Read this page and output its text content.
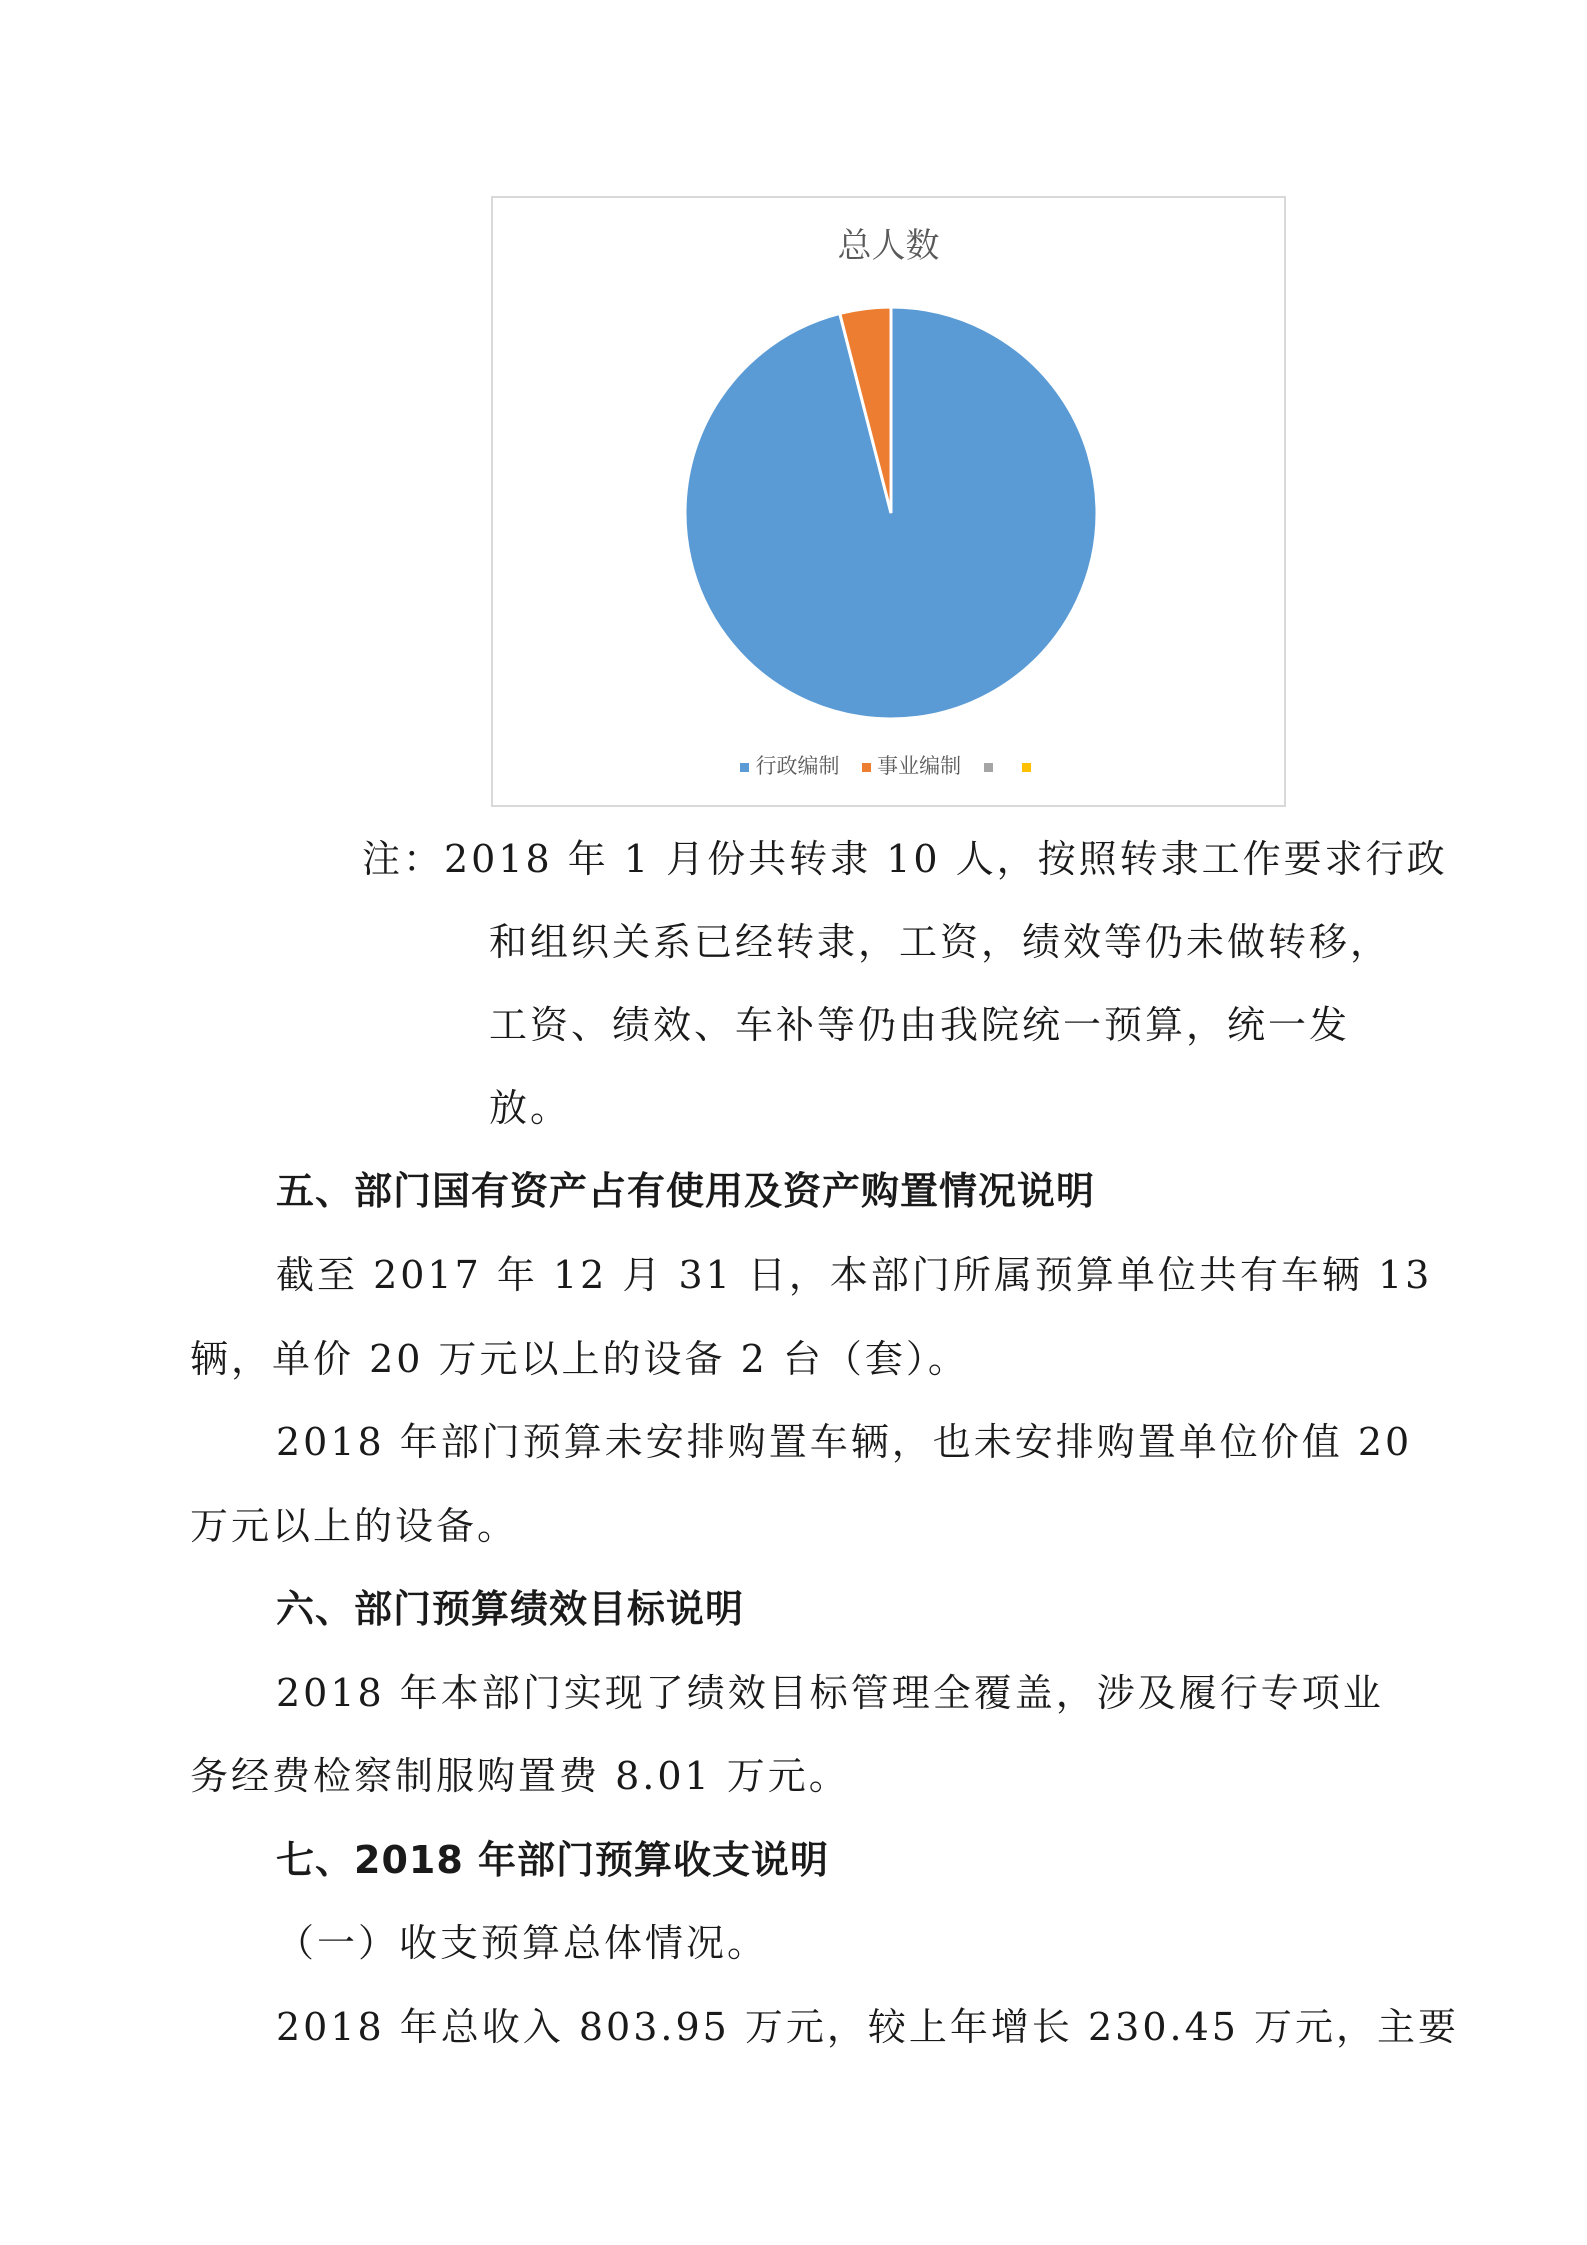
总人数
行政编制 事业编制
注：2018 年 1 月份共转隶 10 人，按照转隶工作要求行政
和组织关系已经转隶，工资，绩效等仍未做转移，
工资、绩效、车补等仍由我院统一预算，统一发
放。
五、部门国有资产占有使用及资产购置情况说明
截至 2017 年 12 月 31 日，本部门所属预算单位共有车辆 13
辆，单价 20 万元以上的设备 2 台（套）。
2018 年部门预算未安排购置车辆，也未安排购置单位价值 20
万元以上的设备。
六、部门预算绩效目标说明
2018 年本部门实现了绩效目标管理全覆盖，涉及履行专项业
务经费检察制服购置费 8.01 万元。
七、2018 年部门预算收支说明
（一）收支预算总体情况。
2018 年总收入 803.95 万元，较上年增长 230.45 万元，主要
